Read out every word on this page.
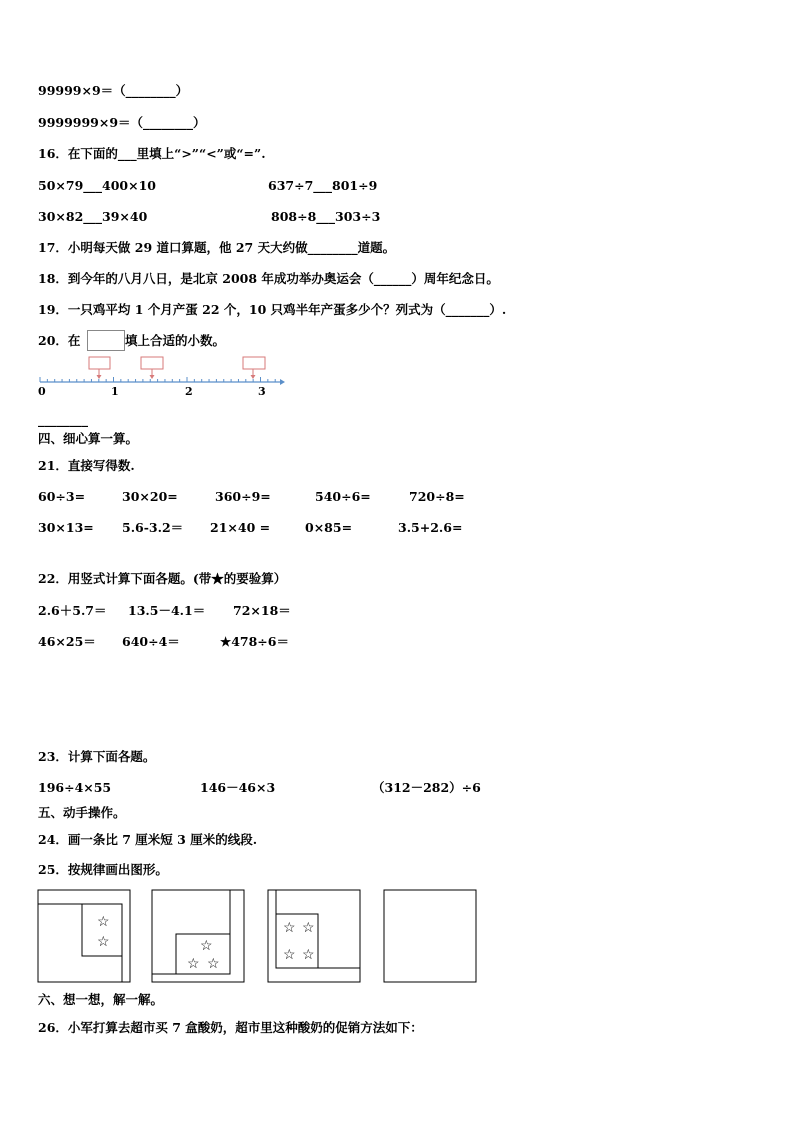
99999×9＝（________）
9999999×9＝（________）
16．在下面的___里填上“>”“<”或“=”.
50×79___400×10	637÷7___801÷9
30×82___39×40	808÷8___303÷3
17．小明每天做 29 道口算题，他 27 天大约做________道题。
18．到今年的八月八日，是北京 2008 年成功举办奥运会（______）周年纪念日。
19．一只鸡平均 1 个月产蛋 22 个，10 只鸡半年产蛋多少个？列式为（_______）.
20．在	填上合适的小数。
0	1	2	3
________
四、细心算一算。
21．直接写得数.
60÷3=	30×20=	360÷9=	540÷6=	720÷8=
30×13= 5.6-3.2＝ 21×40 =	0×85=	3.5+2.6=
22．用竖式计算下面各题。(带★的要验算）
2.6＋5.7＝ 13.5－4.1＝ 72×18＝
46×25＝ 640÷4＝	★478÷6＝
23．计算下面各题。
196÷4×55	146－46×3	（312－282）÷6
五、动手操作。
24．画一条比 7 厘米短 3 厘米的线段.
25．按规律画出图形。
☆
☆	☆
☆ ☆
☆ ☆
☆ ☆
六、想一想，解一解。
26．小军打算去超市买 7 盒酸奶，超市里这种酸奶的促销方法如下：
